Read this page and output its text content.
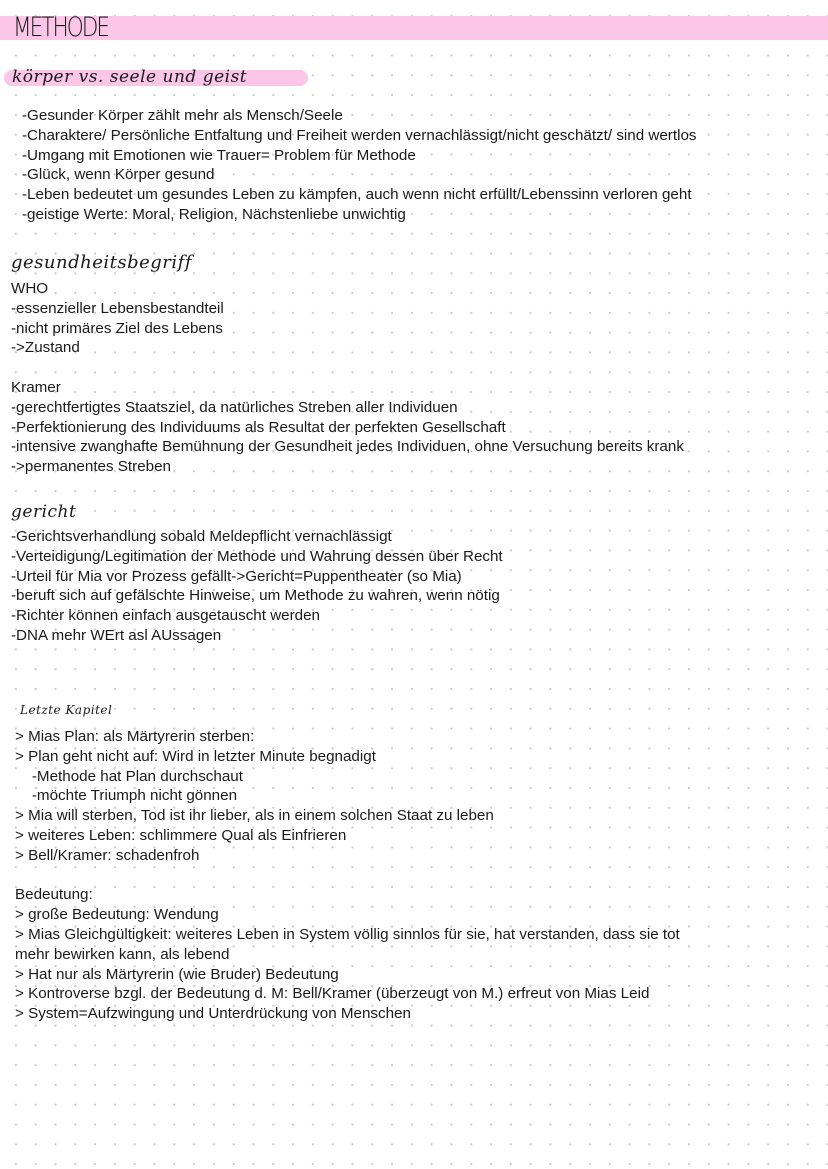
METHODE
körper vs. seele und geist
-Gesunder Körper zählt mehr als Mensch/Seele
-Charaktere/ Persönliche Entfaltung und Freiheit werden vernachlässigt/nicht geschätzt/ sind wertlos
-Umgang mit Emotionen wie Trauer= Problem für Methode
-Glück, wenn Körper gesund
-Leben bedeutet um gesundes Leben zu kämpfen, auch wenn nicht erfüllt/Lebenssinn verloren geht
-geistige Werte: Moral, Religion, Nächstenliebe unwichtig
gesundheitsbegriff
WHO
-essenzieller Lebensbestandteil
-nicht primäres Ziel des Lebens
->Zustand
Kramer
-gerechtfertigtes Staatsziel, da natürliches Streben aller Individuen
-Perfektionierung des Individuums als Resultat der perfekten Gesellschaft
-intensive zwanghafte Bemühnung der Gesundheit jedes Individuen, ohne Versuchung bereits krank
->permanentes Streben
gericht
-Gerichtsverhandlung sobald Meldepflicht vernachlässigt
-Verteidigung/Legitimation der Methode und Wahrung dessen über Recht
-Urteil für Mia vor Prozess gefällt->Gericht=Puppentheater (so Mia)
-beruft sich auf gefälschte Hinweise, um Methode zu wahren, wenn nötig
-Richter können einfach ausgetauscht werden
-DNA mehr WErt asl AUssagen
Letzte Kapitel
> Mias Plan: als Märtyrerin sterben:
> Plan geht nicht auf: Wird in letzter Minute begnadigt
-Methode hat Plan durchschaut
-möchte Triumph nicht gönnen
> Mia will sterben, Tod ist ihr lieber, als in einem solchen Staat zu leben
> weiteres Leben: schlimmere Qual als Einfrieren
> Bell/Kramer: schadenfroh
Bedeutung:
> große Bedeutung: Wendung
> Mias Gleichgültigkeit: weiteres Leben in System völlig sinnlos für sie, hat verstanden, dass sie tot
mehr bewirken kann, als lebend
> Hat nur als Märtyrerin (wie Bruder) Bedeutung
> Kontroverse bzgl. der Bedeutung d. M: Bell/Kramer (überzeugt von M.) erfreut von Mias Leid
> System=Aufzwingung und Unterdrückung von Menschen
